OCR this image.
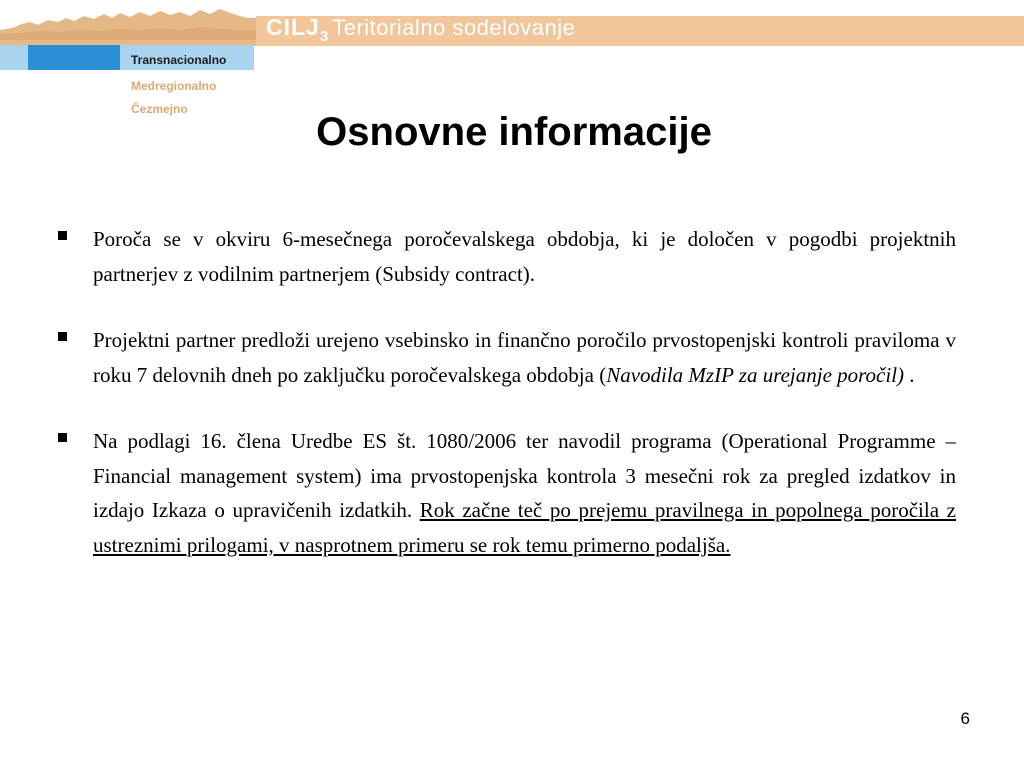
CILJ 3 Teritorialno sodelovanje
Transnacionalno
Medregionalno
Čezmejno
Osnovne informacije

Poroča se v okviru 6-mesečnega poročevalskega obdobja, ki je določen v pogodbi projektnih partnerjev z vodilnim partnerjem (Subsidy contract).

Projektni partner predloži urejeno vsebinsko in finančno poročilo prvostopenjski kontroli praviloma v roku 7 delovnih dneh po zaključku poročevalskega obdobja (Navodila MzIP za urejanje poročil) .

Na podlagi 16. člena Uredbe ES št. 1080/2006 ter navodil programa (Operational Programme – Financial management system) ima prvostopenjska kontrola 3 mesečni rok za pregled izdatkov in izdajo Izkaza o upravičenih izdatkih. Rok začne teč po prejemu pravilnega in popolnega poročila z ustreznimi prilogami, v nasprotnem primeru se rok temu primerno podaljša.

6
